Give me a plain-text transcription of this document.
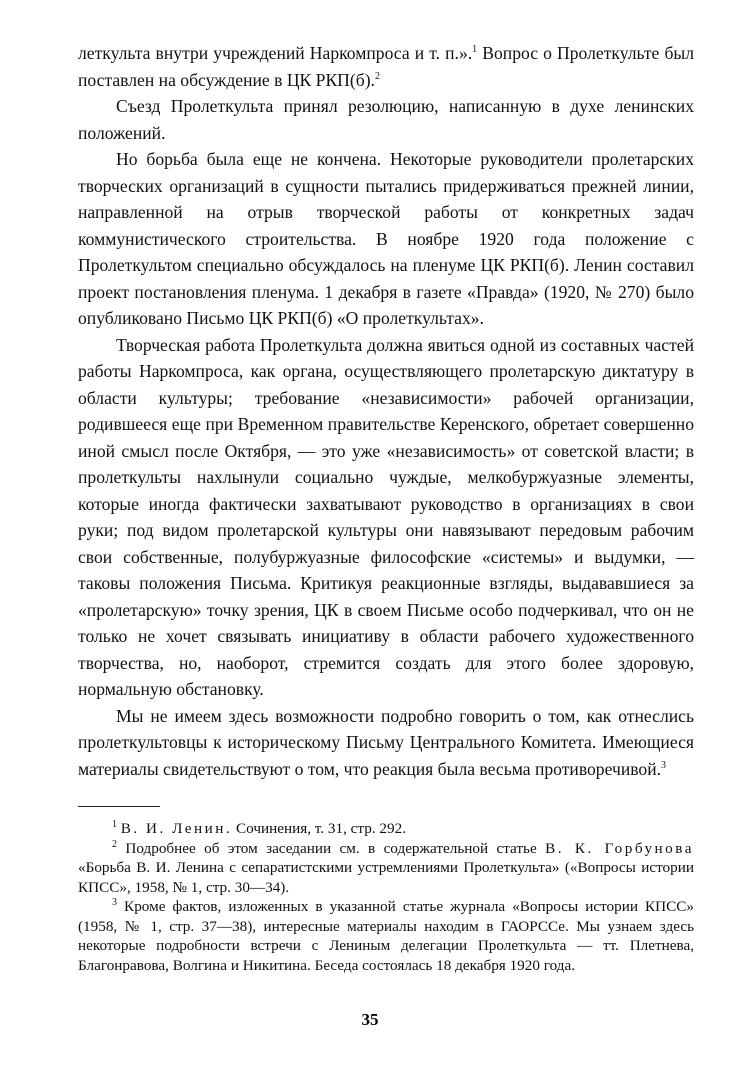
леткульта внутри учреждений Наркомпроса и т. п.».$^1$ Вопрос о Пролеткульте был поставлен на обсуждение в ЦК РКП(б).$^2$

Съезд Пролеткульта принял резолюцию, написанную в духе ленинских положений.

Но борьба была еще не кончена. Некоторые руководители пролетарских творческих организаций в сущности пытались придерживаться прежней линии, направленной на отрыв творческой работы от конкретных задач коммунистического строительства. В ноябре 1920 года положение с Пролеткультом специально обсуждалось на пленуме ЦК РКП(б). Ленин составил проект постановления пленума. 1 декабря в газете «Правда» (1920, № 270) было опубликовано Письмо ЦК РКП(б) «О пролеткультах».

Творческая работа Пролеткульта должна явиться одной из составных частей работы Наркомпроса, как органа, осуществляющего пролетарскую диктатуру в области культуры; требование «независимости» рабочей организации, родившееся еще при Временном правительстве Керенского, обретает совершенно иной смысл после Октября, — это уже «независимость» от советской власти; в пролеткульты нахлынули социально чуждые, мелкобуржуазные элементы, которые иногда фактически захватывают руководство в организациях в свои руки; под видом пролетарской культуры они навязывают передовым рабочим свои собственные, полубуржуазные философские «системы» и выдумки, — таковы положения Письма. Критикуя реакционные взгляды, выдававшиеся за «пролетарскую» точку зрения, ЦК в своем Письме особо подчеркивал, что он не только не хочет связывать инициативу в области рабочего художественного творчества, но, наоборот, стремится создать для этого более здоровую, нормальную обстановку.

Мы не имеем здесь возможности подробно говорить о том, как отнеслись пролеткультовцы к историческому Письму Центрального Комитета. Имеющиеся материалы свидетельствуют о том, что реакция была весьма противоречивой.$^3$

$^1$ В. И. Ленин. Сочинения, т. 31, стр. 292.

$^2$ Подробнее об этом заседании см. в содержательной статье В. К. Горбунова «Борьба В. И. Ленина с сепаратистскими устремлениями Пролеткульта» («Вопросы истории КПСС», 1958, № 1, стр. 30—34).

$^3$ Кроме фактов, изложенных в указанной статье журнала «Вопросы истории КПСС» (1958, № 1, стр. 37—38), интересные материалы находим в ГАОРССе. Мы узнаем здесь некоторые подробности встречи с Лениным делегации Пролеткульта — тт. Плетнева, Благонравова, Волгина и Никитина. Беседа состоялась 18 декабря 1920 года.

35
